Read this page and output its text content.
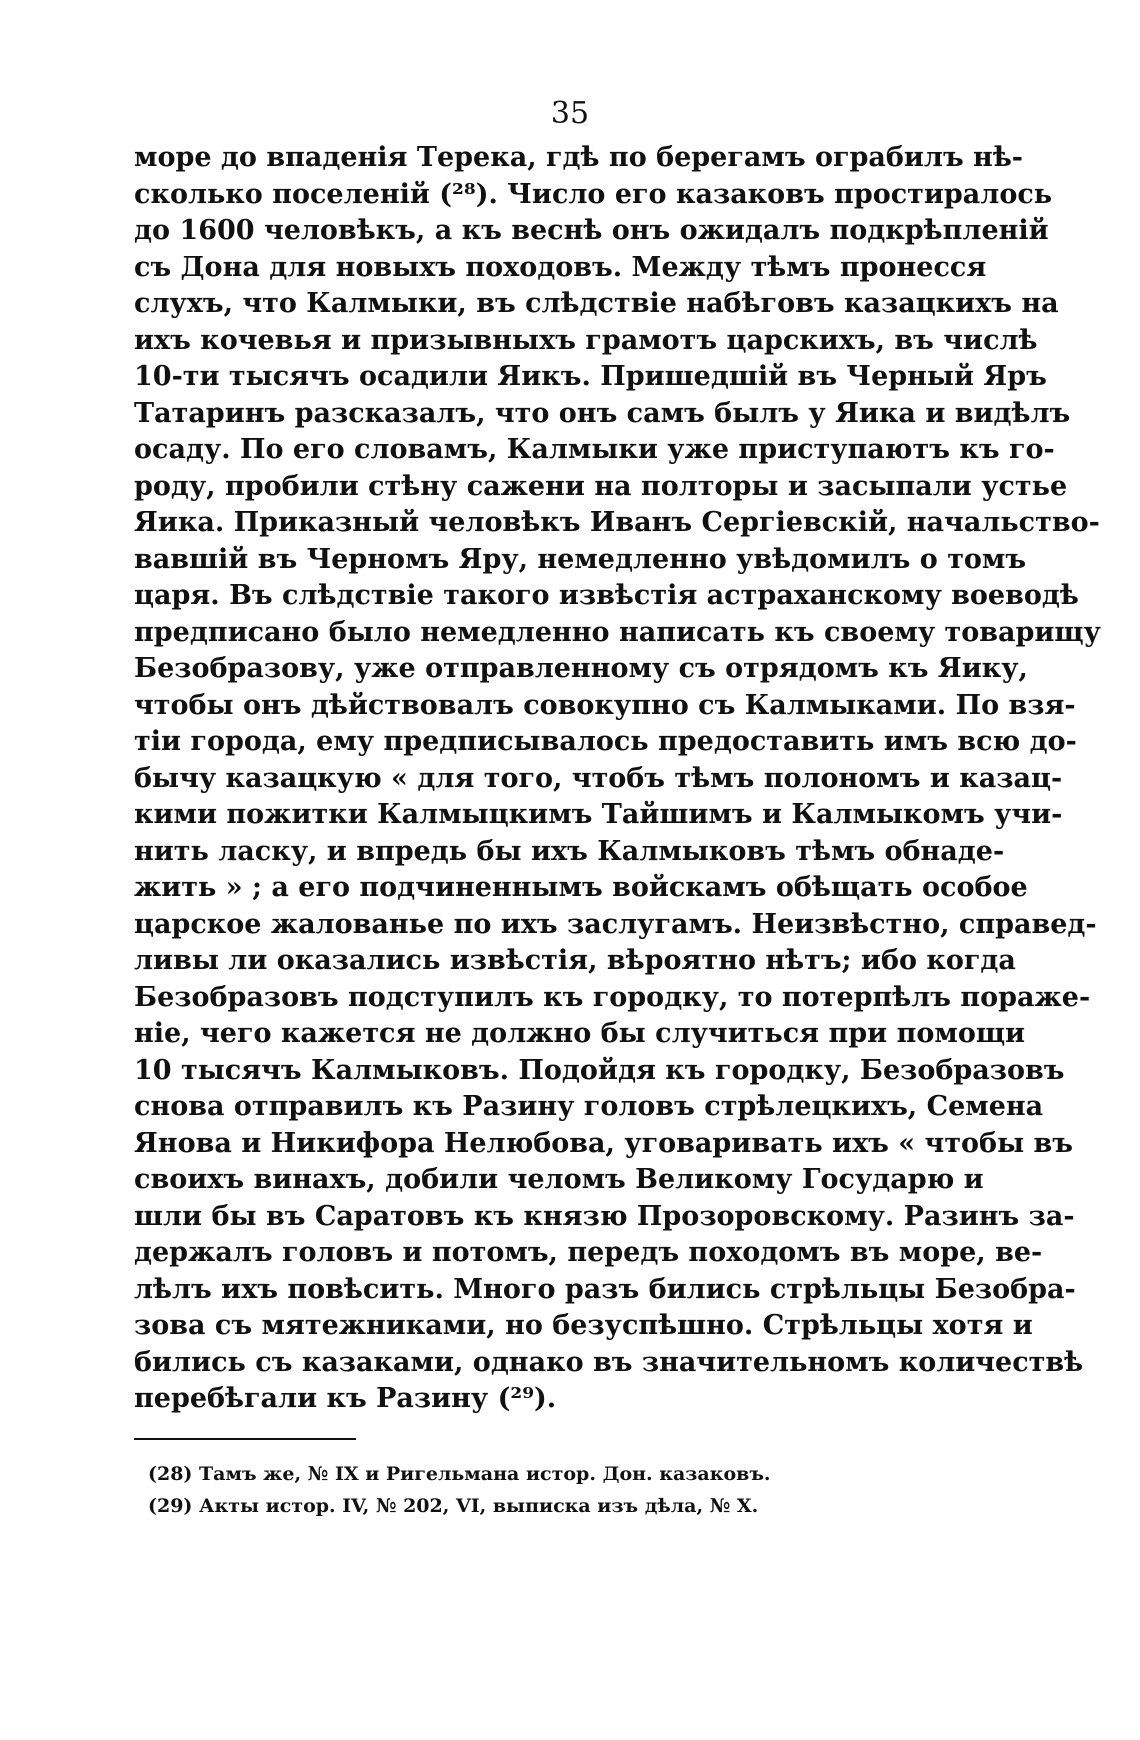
35
море до впаденія Терека, гдѣ по берегамъ ограбилъ нѣ-
сколько поселеній (²⁸). Число его казаковъ простиралось
до 1600 человѣкъ, а къ веснѣ онъ ожидалъ подкрѣпленій
съ Дона для новыхъ походовъ. Между тѣмъ пронесся
слухъ, что Калмыки, въ слѣдствіе набѣговъ казацкихъ на
ихъ кочевья и призывныхъ грамотъ царскихъ, въ числѣ
10-ти тысячъ осадили Яикъ. Пришедшій въ Черный Яръ
Татаринъ разсказалъ, что онъ самъ былъ у Яика и видѣлъ
осаду. По его словамъ, Калмыки уже приступаютъ къ го-
роду, пробили стѣну сажени на полторы и засыпали устье
Яика. Приказный человѣкъ Иванъ Сергіевскій, начальство-
вавшій въ Черномъ Яру, немедленно увѣдомилъ о томъ
царя. Въ слѣдствіе такого извѣстія астраханскому воеводѣ
предписано было немедленно написать къ своему товарищу
Безобразову, уже отправленному съ отрядомъ къ Яику,
чтобы онъ дѣйствовалъ совокупно съ Калмыками. По взя-
тіи города, ему предписывалось предоставить имъ всю до-
бычу казацкую « для того, чтобъ тѣмъ полономъ и казац-
кими пожитки Калмыцкимъ Тайшимъ и Калмыкомъ учи-
нить ласку, и впредь бы ихъ Калмыковъ тѣмъ обнаде-
жить » ; а его подчиненнымъ войскамъ обѣщать особое
царское жалованье по ихъ заслугамъ. Неизвѣстно, справед-
ливы ли оказались извѣстія, вѣроятно нѣтъ; ибо когда
Безобразовъ подступилъ къ городку, то потерпѣлъ пораже-
ніе, чего кажется не должно бы случиться при помощи
10 тысячъ Калмыковъ. Подойдя къ городку, Безобразовъ
снова отправилъ къ Разину головъ стрѣлецкихъ, Семена
Янова и Никифора Нелюбова, уговаривать ихъ « чтобы въ
своихъ винахъ, добили челомъ Великому Государю и
шли бы въ Саратовъ къ князю Прозоровскому. Разинъ за-
держалъ головъ и потомъ, передъ походомъ въ море, ве-
лѣлъ ихъ повѣсить. Много разъ бились стрѣльцы Безобра-
зова съ мятежниками, но безуспѣшно. Стрѣльцы хотя и
бились съ казаками, однако въ значительномъ количествѣ
перебѣгали къ Разину (²⁹).
(28) Тамъ же, № IX и Ригельмана истор. Дон. казаковъ.
(29) Акты истор. IV, № 202, VI, выписка изъ дѣла, № X.
